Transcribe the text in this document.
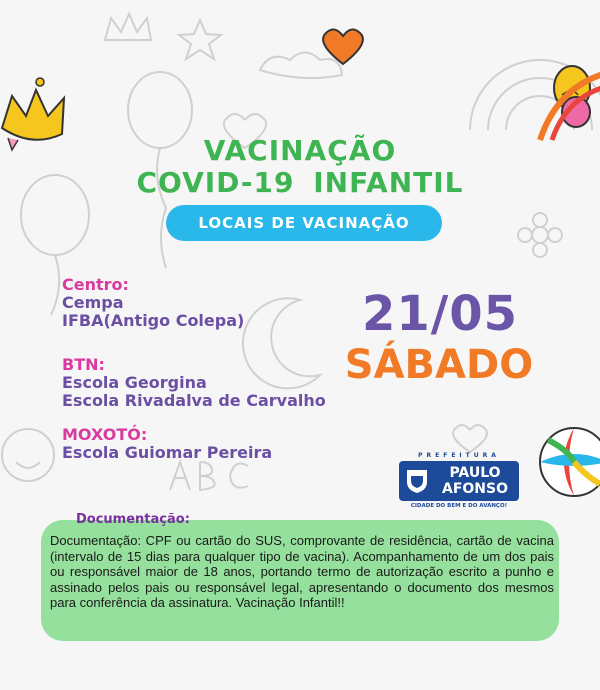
VACINAÇÃO
COVID-19 INFANTIL
LOCAIS DE VACINAÇÃO
Centro:
Cempa
IFBA(Antigo Colepa)
BTN:
Escola Georgina
Escola Rivadalva de Carvalho
MOXOTÓ:
Escola Guiomar Pereira
21/05
SÁBADO
PREFEITURA
PAULO
AFONSO
CIDADE DO BEM E DO AVANÇO!
Documentação:
Documentação: CPF ou cartão do SUS, comprovante de residência, cartão de vacina (intervalo de 15 dias para qualquer tipo de vacina). Acompanhamento de um dos pais ou responsável maior de 18 anos, portando termo de autorização escrito a punho e assinado pelos pais ou responsável legal, apresentando o documento dos mesmos para conferência da assinatura. Vacinação Infantil!!
